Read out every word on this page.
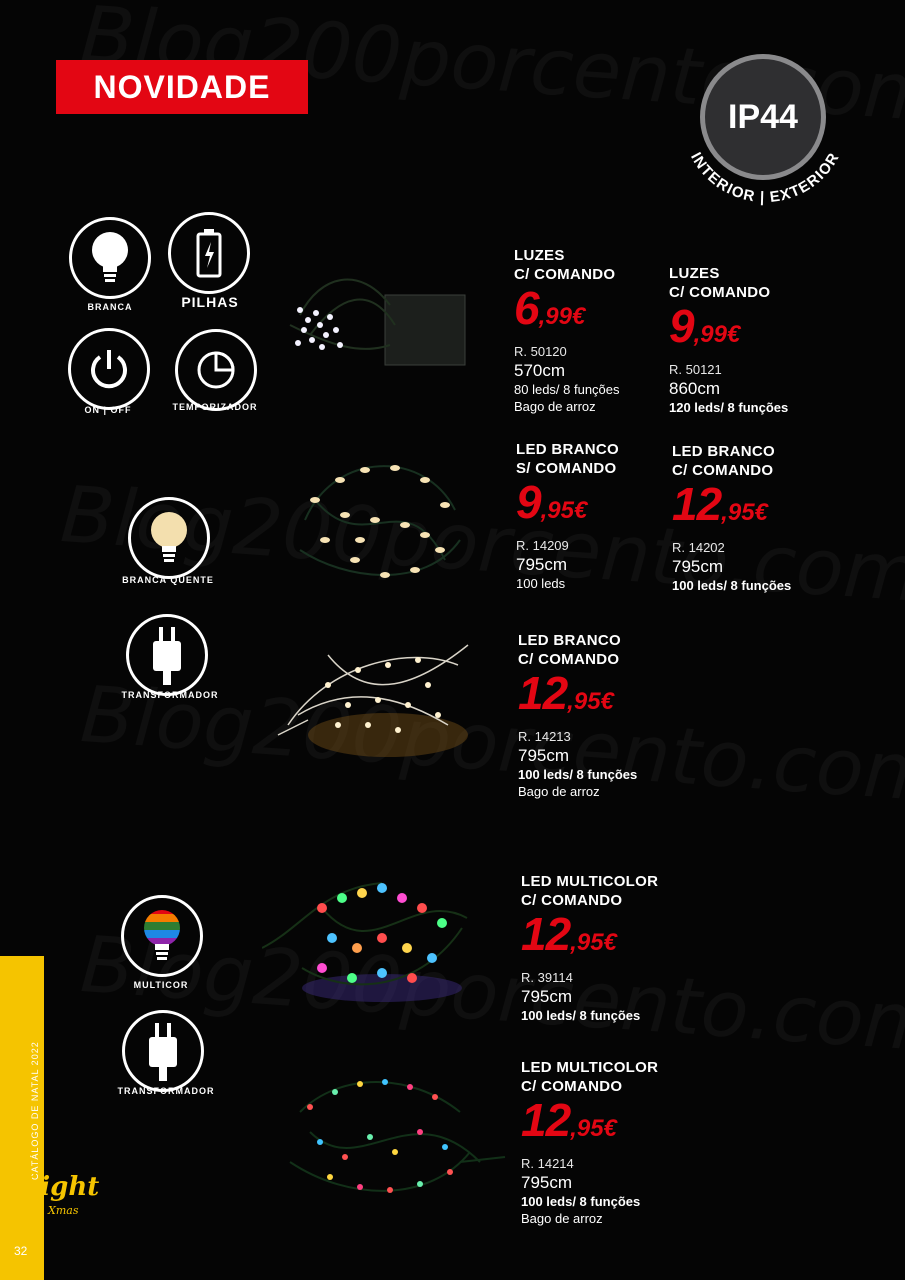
NOVIDADE
IP44
INTERIOR | EXTERIOR
BRANCA	PILHAS
ON | OFF	TEMPORIZADOR
BRANCA QUENTE
TRANSFORMADOR
MULTICOR
TRANSFORMADOR
LUZES
C/ COMANDO
6,99€
R. 50120
570cm
80 leds/ 8 funções
Bago de arroz
LUZES
C/ COMANDO
9,99€
R. 50121
860cm
120 leds/ 8 funções
LED BRANCO
S/ COMANDO
9,95€
R. 14209
795cm
100 leds
LED BRANCO
C/ COMANDO
12,95€
R. 14202
795cm
100 leds/ 8 funções
LED BRANCO
C/ COMANDO
12,95€
R. 14213
795cm
100 leds/ 8 funções
Bago de arroz
LED MULTICOLOR
C/ COMANDO
12,95€
R. 39114
795cm
100 leds/ 8 funções
LED MULTICOLOR
C/ COMANDO
12,95€
R. 14214
795cm
100 leds/ 8 funções
Bago de arroz
CATÁLOGO DE NATAL 2022
Light
Xmas
32
